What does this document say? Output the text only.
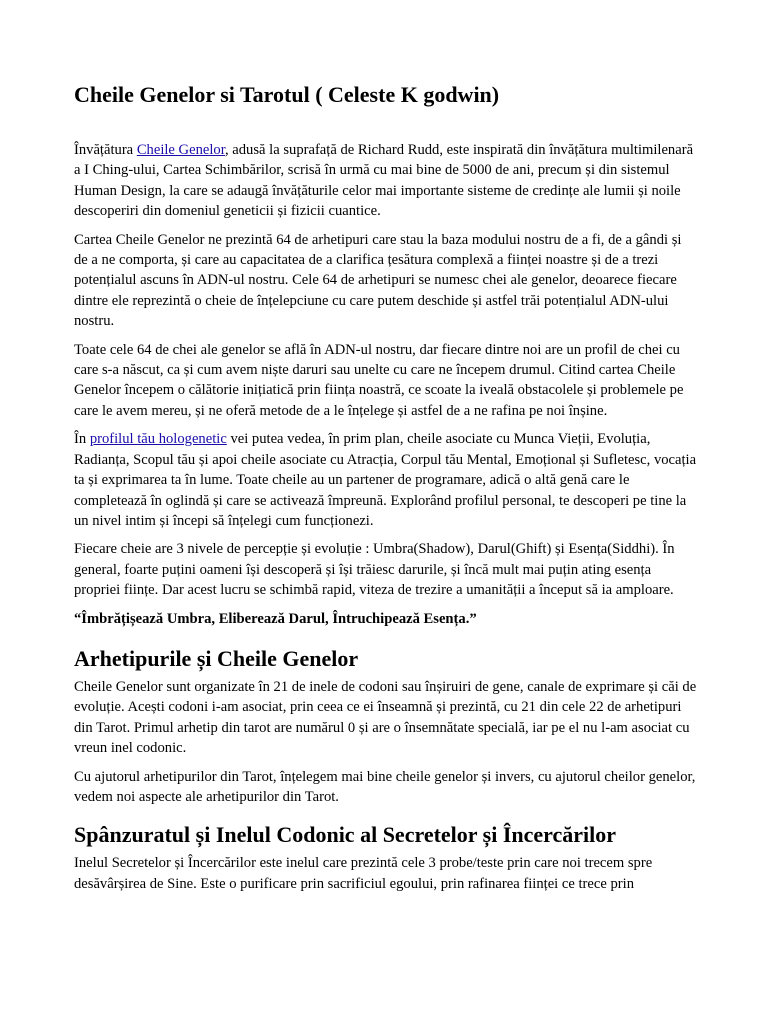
Cheile Genelor si Tarotul ( Celeste K godwin)

Învățătura Cheile Genelor, adusă la suprafață de Richard Rudd, este inspirată din învățătura multimilenară a I Ching-ului, Cartea Schimbărilor, scrisă în urmă cu mai bine de 5000 de ani, precum și din sistemul Human Design, la care se adaugă învățăturile celor mai importante sisteme de credințe ale lumii și noile descoperiri din domeniul geneticii și fizicii cuantice.

Cartea Cheile Genelor ne prezintă 64 de arhetipuri care stau la baza modului nostru de a fi, de a gândi și de a ne comporta, și care au capacitatea de a clarifica țesătura complexă a ființei noastre și de a trezi potențialul ascuns în ADN-ul nostru. Cele 64 de arhetipuri se numesc chei ale genelor, deoarece fiecare dintre ele reprezintă o cheie de înțelepciune cu care putem deschide și astfel trăi potențialul ADN-ului nostru.

Toate cele 64 de chei ale genelor se află în ADN-ul nostru, dar fiecare dintre noi are un profil de chei cu care s-a născut, ca și cum avem niște daruri sau unelte cu care ne începem drumul. Citind cartea Cheile Genelor începem o călătorie inițiatică prin ființa noastră, ce scoate la iveală obstacolele și problemele pe care le avem mereu, și ne oferă metode de a le înțelege și astfel de a ne rafina pe noi înșine.

În profilul tău hologenetic vei putea vedea, în prim plan, cheile asociate cu Munca Vieții, Evoluția, Radianța, Scopul tău și apoi cheile asociate cu Atracția, Corpul tău Mental, Emoțional și Sufletesc, vocația ta și exprimarea ta în lume. Toate cheile au un partener de programare, adică o altă genă care le completează în oglindă și care se activează împreună. Explorând profilul personal, te descoperi pe tine la un nivel intim și începi să înțelegi cum funcționezi.

Fiecare cheie are 3 nivele de percepție și evoluție : Umbra(Shadow), Darul(Ghift) și Esența(Siddhi). În general, foarte puțini oameni își descoperă și își trăiesc darurile, și încă mult mai puțin ating esența propriei ființe. Dar acest lucru se schimbă rapid, viteza de trezire a umanității a început să ia amploare.

“Îmbrățișează Umbra, Eliberează Darul, Întruchipează Esența.”

Arhetipurile și Cheile Genelor

Cheile Genelor sunt organizate în 21 de inele de codoni sau înșiruiri de gene, canale de exprimare și căi de evoluție. Acești codoni i-am asociat, prin ceea ce ei înseamnă și prezintă, cu 21 din cele 22 de arhetipuri din Tarot. Primul arhetip din tarot are numărul 0 și are o însemnătate specială, iar pe el nu l-am asociat cu vreun inel codonic.

Cu ajutorul arhetipurilor din Tarot, înțelegem mai bine cheile genelor și invers, cu ajutorul cheilor genelor, vedem noi aspecte ale arhetipurilor din Tarot.

Spânzuratul și Inelul Codonic al Secretelor și Încercărilor

Inelul Secretelor și Încercărilor este inelul care prezintă cele 3 probe/teste prin care noi trecem spre desăvârșirea de Sine. Este o purificare prin sacrificiul egoului, prin rafinarea ființei ce trece prin
